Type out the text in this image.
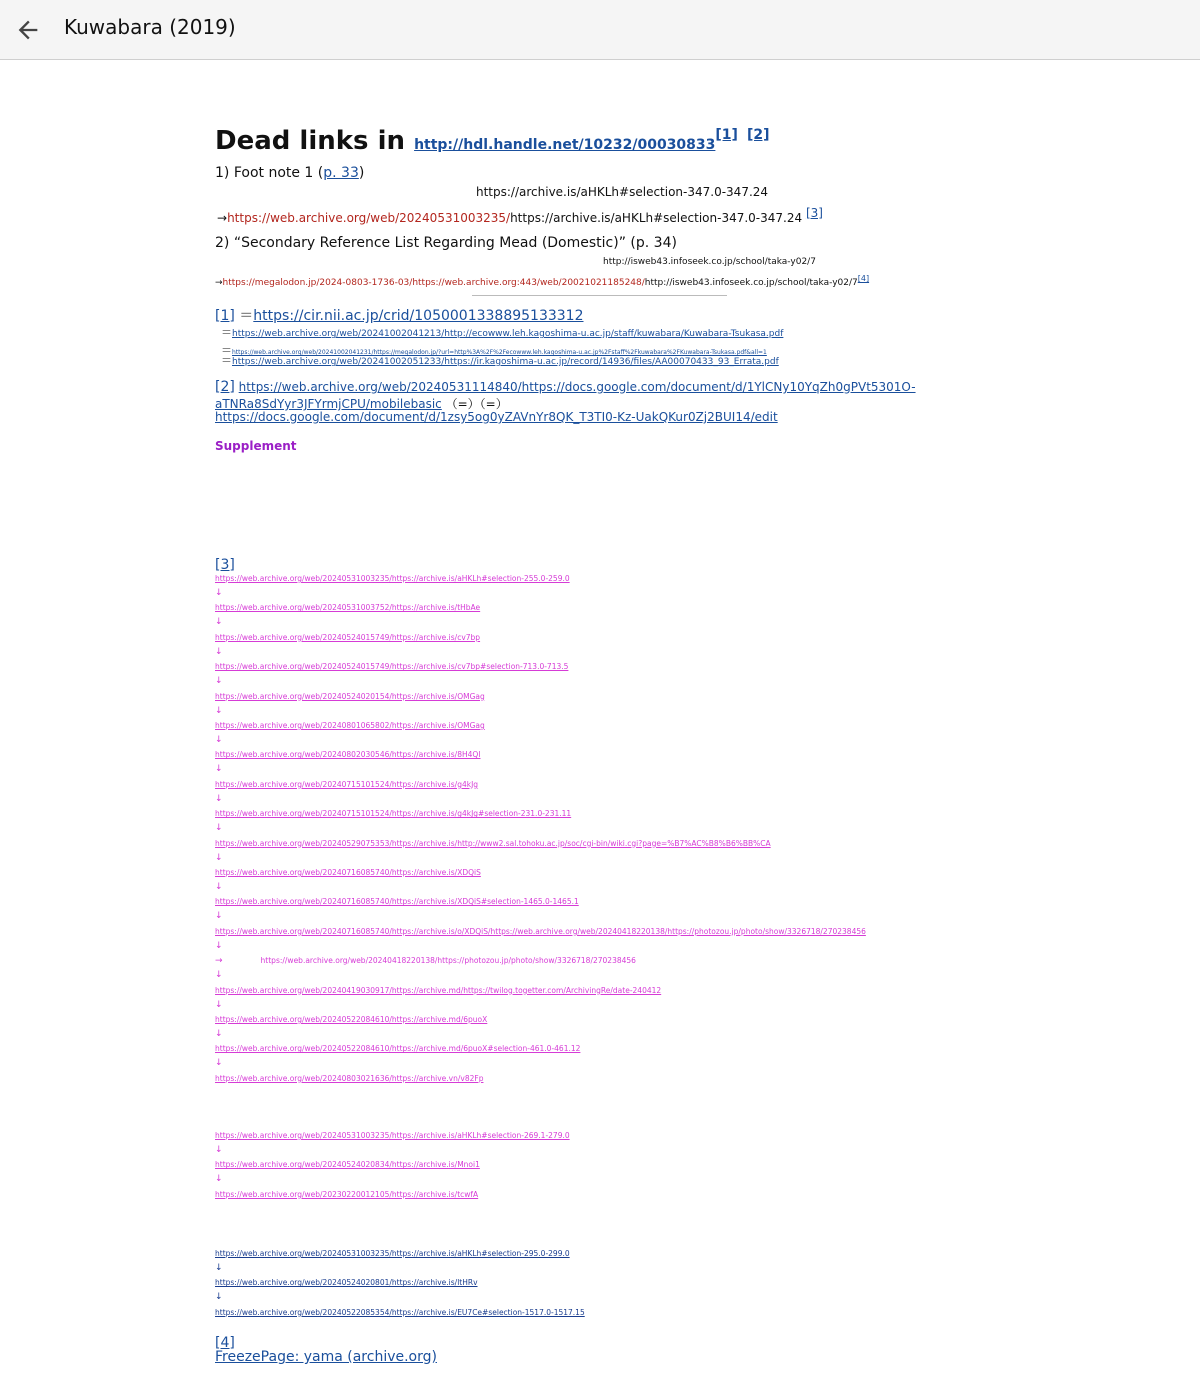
Kuwabara (2019)
Dead links in http://hdl.handle.net/10232/00030833[1] [2]
1) Foot note 1 (p. 33)
https://archive.is/aHKLh#selection-347.0-347.24
→https://web.archive.org/web/20240531003235/https://archive.is/aHKLh#selection-347.0-347.24 [3]
2) “Secondary Reference List Regarding Mead (Domestic)” (p. 34)
http://isweb43.infoseek.co.jp/school/taka-y02/7
→https://megalodon.jp/2024-0803-1736-03/https://web.archive.org:443/web/20021021185248/http://isweb43.infoseek.co.jp/school/taka-y02/7[4]
[1] ＝https://cir.nii.ac.jp/crid/1050001338895133312
＝https://web.archive.org/web/20241002041213/http://ecowww.leh.kagoshima-u.ac.jp/staff/kuwabara/Kuwabara-Tsukasa.pdf
＝https://web.archive.org/web/20241002041231/https://megalodon.jp/?url=http%3A%2F%2Fecowww.leh.kagoshima-u.ac.jp%2Fstaff%2Fkuwabara%2FKuwabara-Tsukasa.pdf&all=1
＝https://web.archive.org/web/20241002051233/https://ir.kagoshima-u.ac.jp/record/14936/files/AA00070433_93_Errata.pdf
[2] https://web.archive.org/web/20240531114840/https://docs.google.com/document/d/1YlCNy10YqZh0gPVt5301O-
aTNRa8SdYyr3JFYrmjCPU/mobilebasic （=）（=）
https://docs.google.com/document/d/1zsy5og0yZAVnYr8QK_T3TI0-Kz-UakQKur0Zj2BUI14/edit
Supplement
[3]
https://web.archive.org/web/20240531003235/https://archive.is/aHKLh#selection-255.0-259.0
↓
https://web.archive.org/web/20240531003752/https://archive.is/tHbAe
↓
https://web.archive.org/web/20240524015749/https://archive.is/cv7bp
↓
https://web.archive.org/web/20240524015749/https://archive.is/cv7bp#selection-713.0-713.5
↓
https://web.archive.org/web/20240524020154/https://archive.is/OMGag
↓
https://web.archive.org/web/20240801065802/https://archive.is/OMGag
↓
https://web.archive.org/web/20240802030546/https://archive.is/8H4QI
↓
https://web.archive.org/web/20240715101524/https://archive.is/g4kJg
↓
https://web.archive.org/web/20240715101524/https://archive.is/g4kJg#selection-231.0-231.11
↓
https://web.archive.org/web/20240529075353/https://archive.is/http://www2.sal.tohoku.ac.jp/soc/cgi-bin/wiki.cgi?page=%B7%AC%B8%B6%BB%CA
↓
https://web.archive.org/web/20240716085740/https://archive.is/XDQiS
↓
https://web.archive.org/web/20240716085740/https://archive.is/XDQiS#selection-1465.0-1465.1
↓
https://web.archive.org/web/20240716085740/https://archive.is/o/XDQiS/https://web.archive.org/web/20240418220138/https://photozou.jp/photo/show/3326718/270238456
↓
→	https://web.archive.org/web/20240418220138/https://photozou.jp/photo/show/3326718/270238456
↓
https://web.archive.org/web/20240419030917/https://archive.md/https://twilog.togetter.com/ArchivingRe/date-240412
↓
https://web.archive.org/web/20240522084610/https://archive.md/6puoX
↓
https://web.archive.org/web/20240522084610/https://archive.md/6puoX#selection-461.0-461.12
↓
https://web.archive.org/web/20240803021636/https://archive.vn/v82Fp
https://web.archive.org/web/20240531003235/https://archive.is/aHKLh#selection-269.1-279.0
↓
https://web.archive.org/web/20240524020834/https://archive.is/Mnoi1
↓
https://web.archive.org/web/20230220012105/https://archive.is/tcwfA
https://web.archive.org/web/20240531003235/https://archive.is/aHKLh#selection-295.0-299.0
↓
https://web.archive.org/web/20240524020801/https://archive.is/ltHRv
↓
https://web.archive.org/web/20240522085354/https://archive.is/EU7Ce#selection-1517.0-1517.15
[4]
FreezePage: yama (archive.org)
